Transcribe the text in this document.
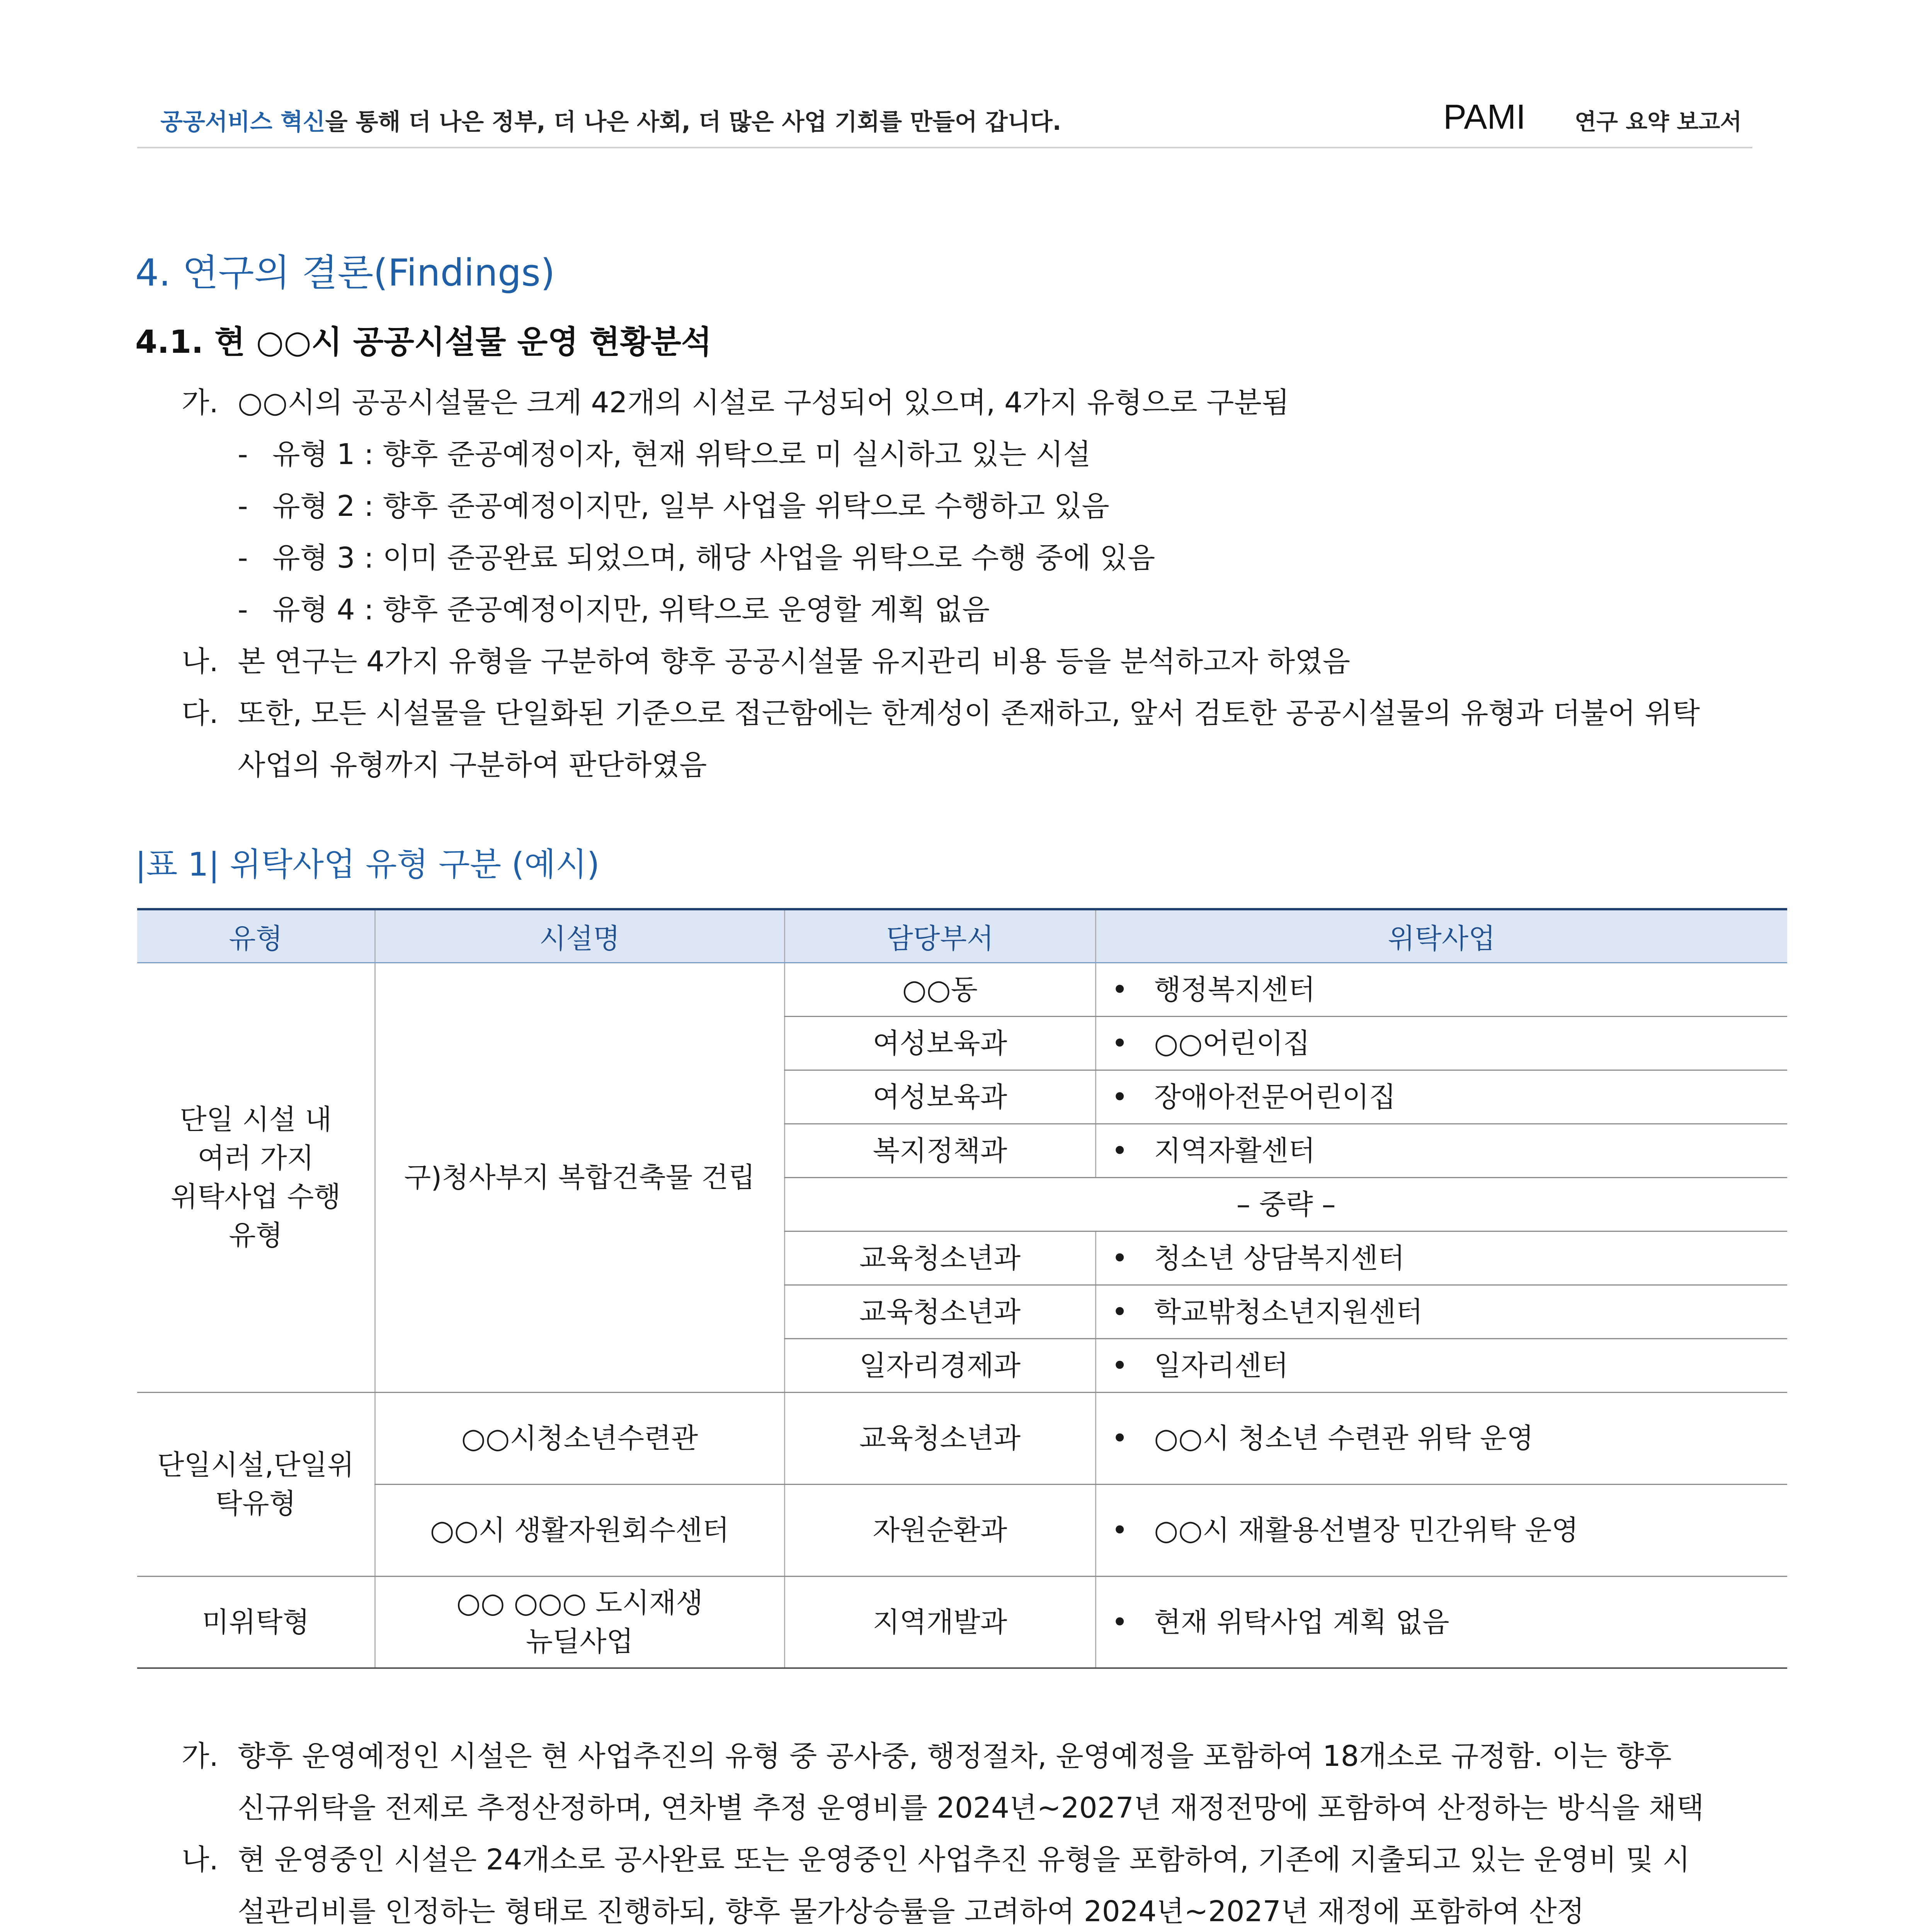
공공서비스 혁신을 통해 더 나은 정부, 더 나은 사회, 더 많은 사업 기회를 만들어 갑니다.	PAMI 연구 요약 보고서
4. 연구의 결론(Findings)
4.1. 현 ○○시 공공시설물 운영 현황분석
가. ○○시의 공공시설물은 크게 42개의 시설로 구성되어 있으며, 4가지 유형으로 구분됨
- 유형 1 : 향후 준공예정이자, 현재 위탁으로 미 실시하고 있는 시설
- 유형 2 : 향후 준공예정이지만, 일부 사업을 위탁으로 수행하고 있음
- 유형 3 : 이미 준공완료 되었으며, 해당 사업을 위탁으로 수행 중에 있음
- 유형 4 : 향후 준공예정이지만, 위탁으로 운영할 계획 없음
나. 본 연구는 4가지 유형을 구분하여 향후 공공시설물 유지관리 비용 등을 분석하고자 하였음
다. 또한, 모든 시설물을 단일화된 기준으로 접근함에는 한계성이 존재하고, 앞서 검토한 공공시설물의 유형과 더불어 위탁
사업의 유형까지 구분하여 판단하였음
|표 1| 위탁사업 유형 구분 (예시)
유형	시설명	담당부서	위탁사업

단일 시설 내
여러 가지
위탁사업 수행
유형	구)청사부지 복합건축물 건립	○○동	• 행정복지센터
		여성보육과	• ○○어린이집
		여성보육과	• 장애아전문어린이집
		복지정책과	• 지역자활센터
		– 중략 –	
		교육청소년과	• 청소년 상담복지센터
		교육청소년과	• 학교밖청소년지원센터
		일자리경제과	• 일자리센터

단일시설,단일위
탁유형	○○시청소년수련관	교육청소년과	• ○○시 청소년 수련관 위탁 운영
	○○시 생활자원회수센터	자원순환과	• ○○시 재활용선별장 민간위탁 운영
미위탁형	○○ ○○○ 도시재생
뉴딜사업	지역개발과	• 현재 위탁사업 계획 없음
가. 향후 운영예정인 시설은 현 사업추진의 유형 중 공사중, 행정절차, 운영예정을 포함하여 18개소로 규정함. 이는 향후
신규위탁을 전제로 추정산정하며, 연차별 추정 운영비를 2024년~2027년 재정전망에 포함하여 산정하는 방식을 채택
나. 현 운영중인 시설은 24개소로 공사완료 또는 운영중인 사업추진 유형을 포함하여, 기존에 지출되고 있는 운영비 및 시
설관리비를 인정하는 형태로 진행하되, 향후 물가상승률을 고려하여 2024년~2027년 재정에 포함하여 산정
